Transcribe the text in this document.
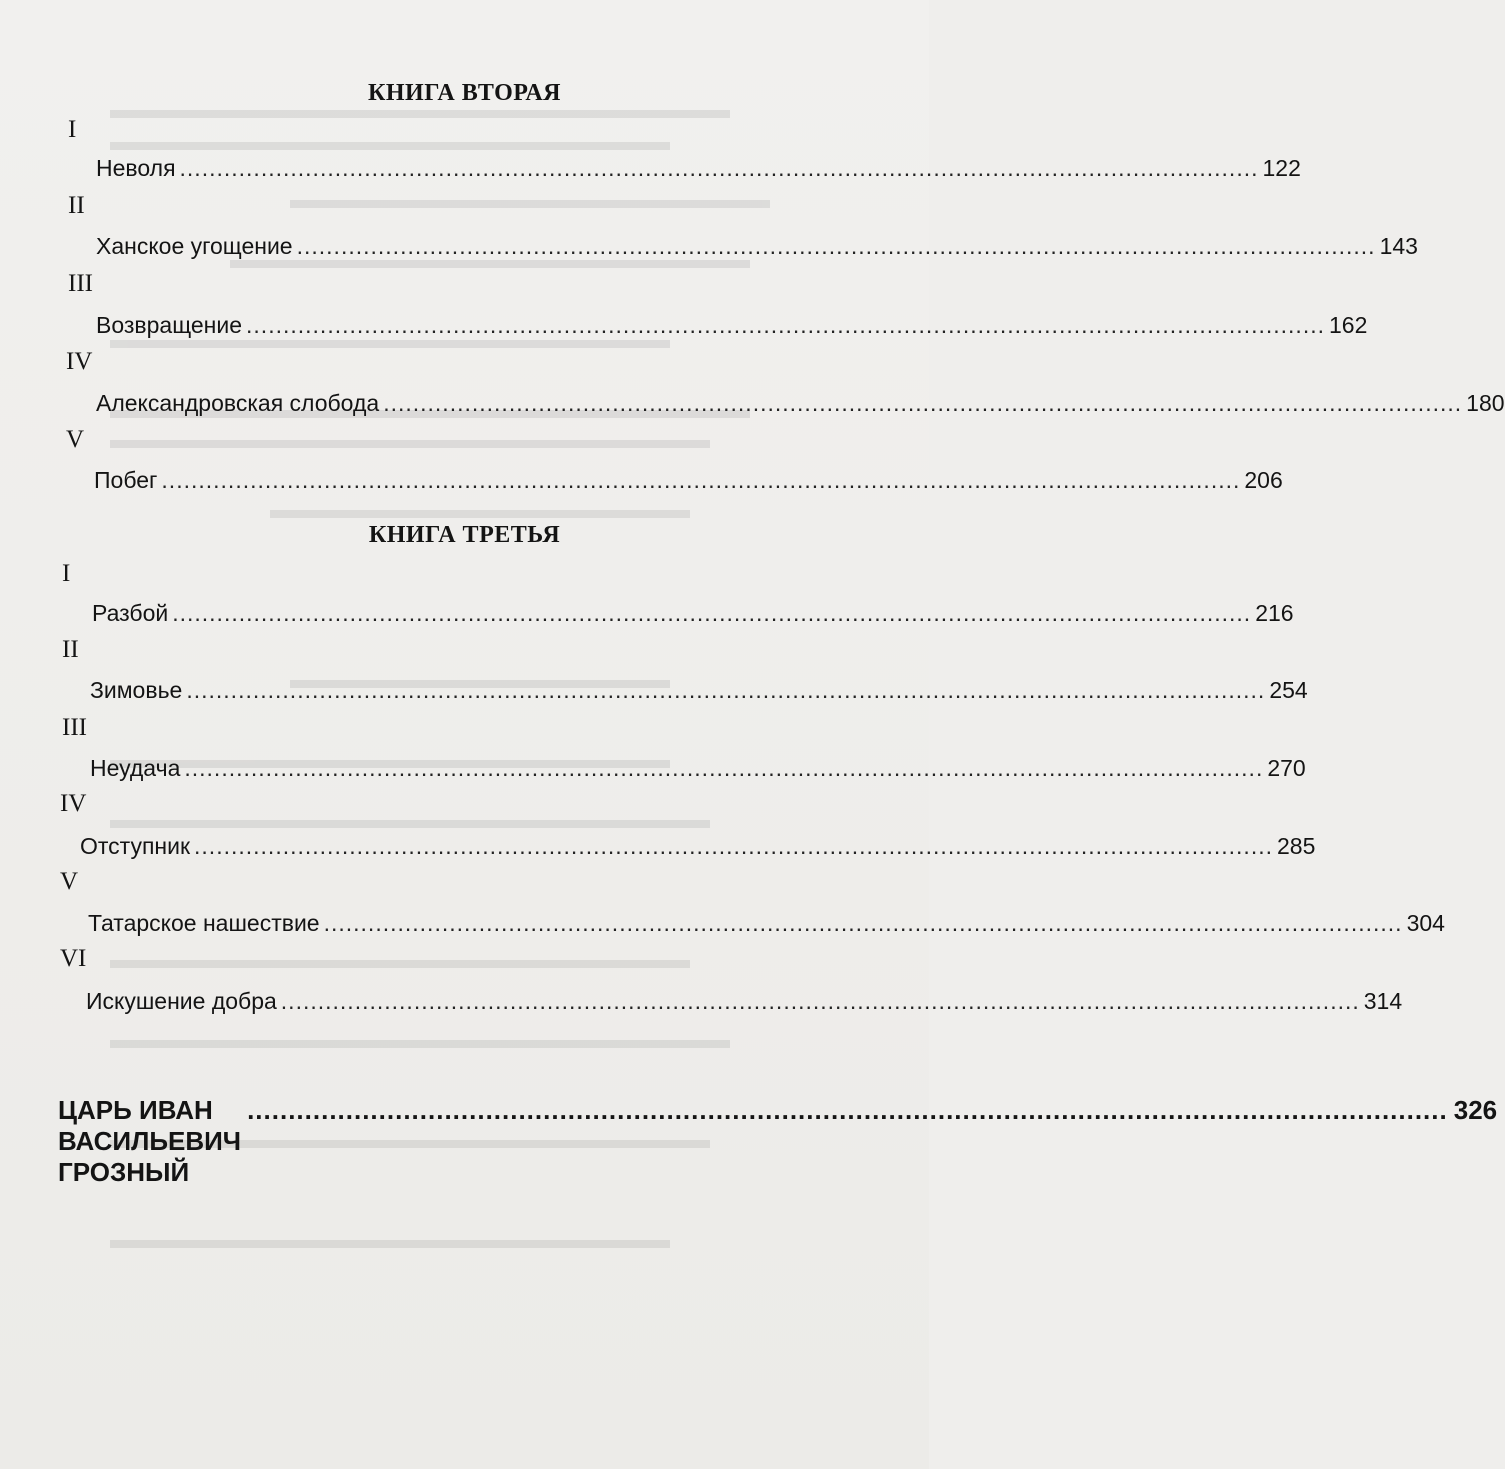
КНИГА ВТОРАЯ
I
Неволя .................................................................................................................................................. 122
II
Ханское угощение .................................................................................................................................................. 143
III
Возвращение .................................................................................................................................................. 162
IV
Александровская слобода .................................................................................................................................................. 180
V
Побег .................................................................................................................................................. 206
КНИГА ТРЕТЬЯ
I
Разбой .................................................................................................................................................. 216
II
Зимовье .................................................................................................................................................. 254
III
Неудача .................................................................................................................................................. 270
IV
Отступник .................................................................................................................................................. 285
V
Татарское нашествие .................................................................................................................................................. 304
VI
Искушение добра .................................................................................................................................................. 314
ЦАРЬ ИВАН ВАСИЛЬЕВИЧ ГРОЗНЫЙ
.................................................................................................................................................. 326
